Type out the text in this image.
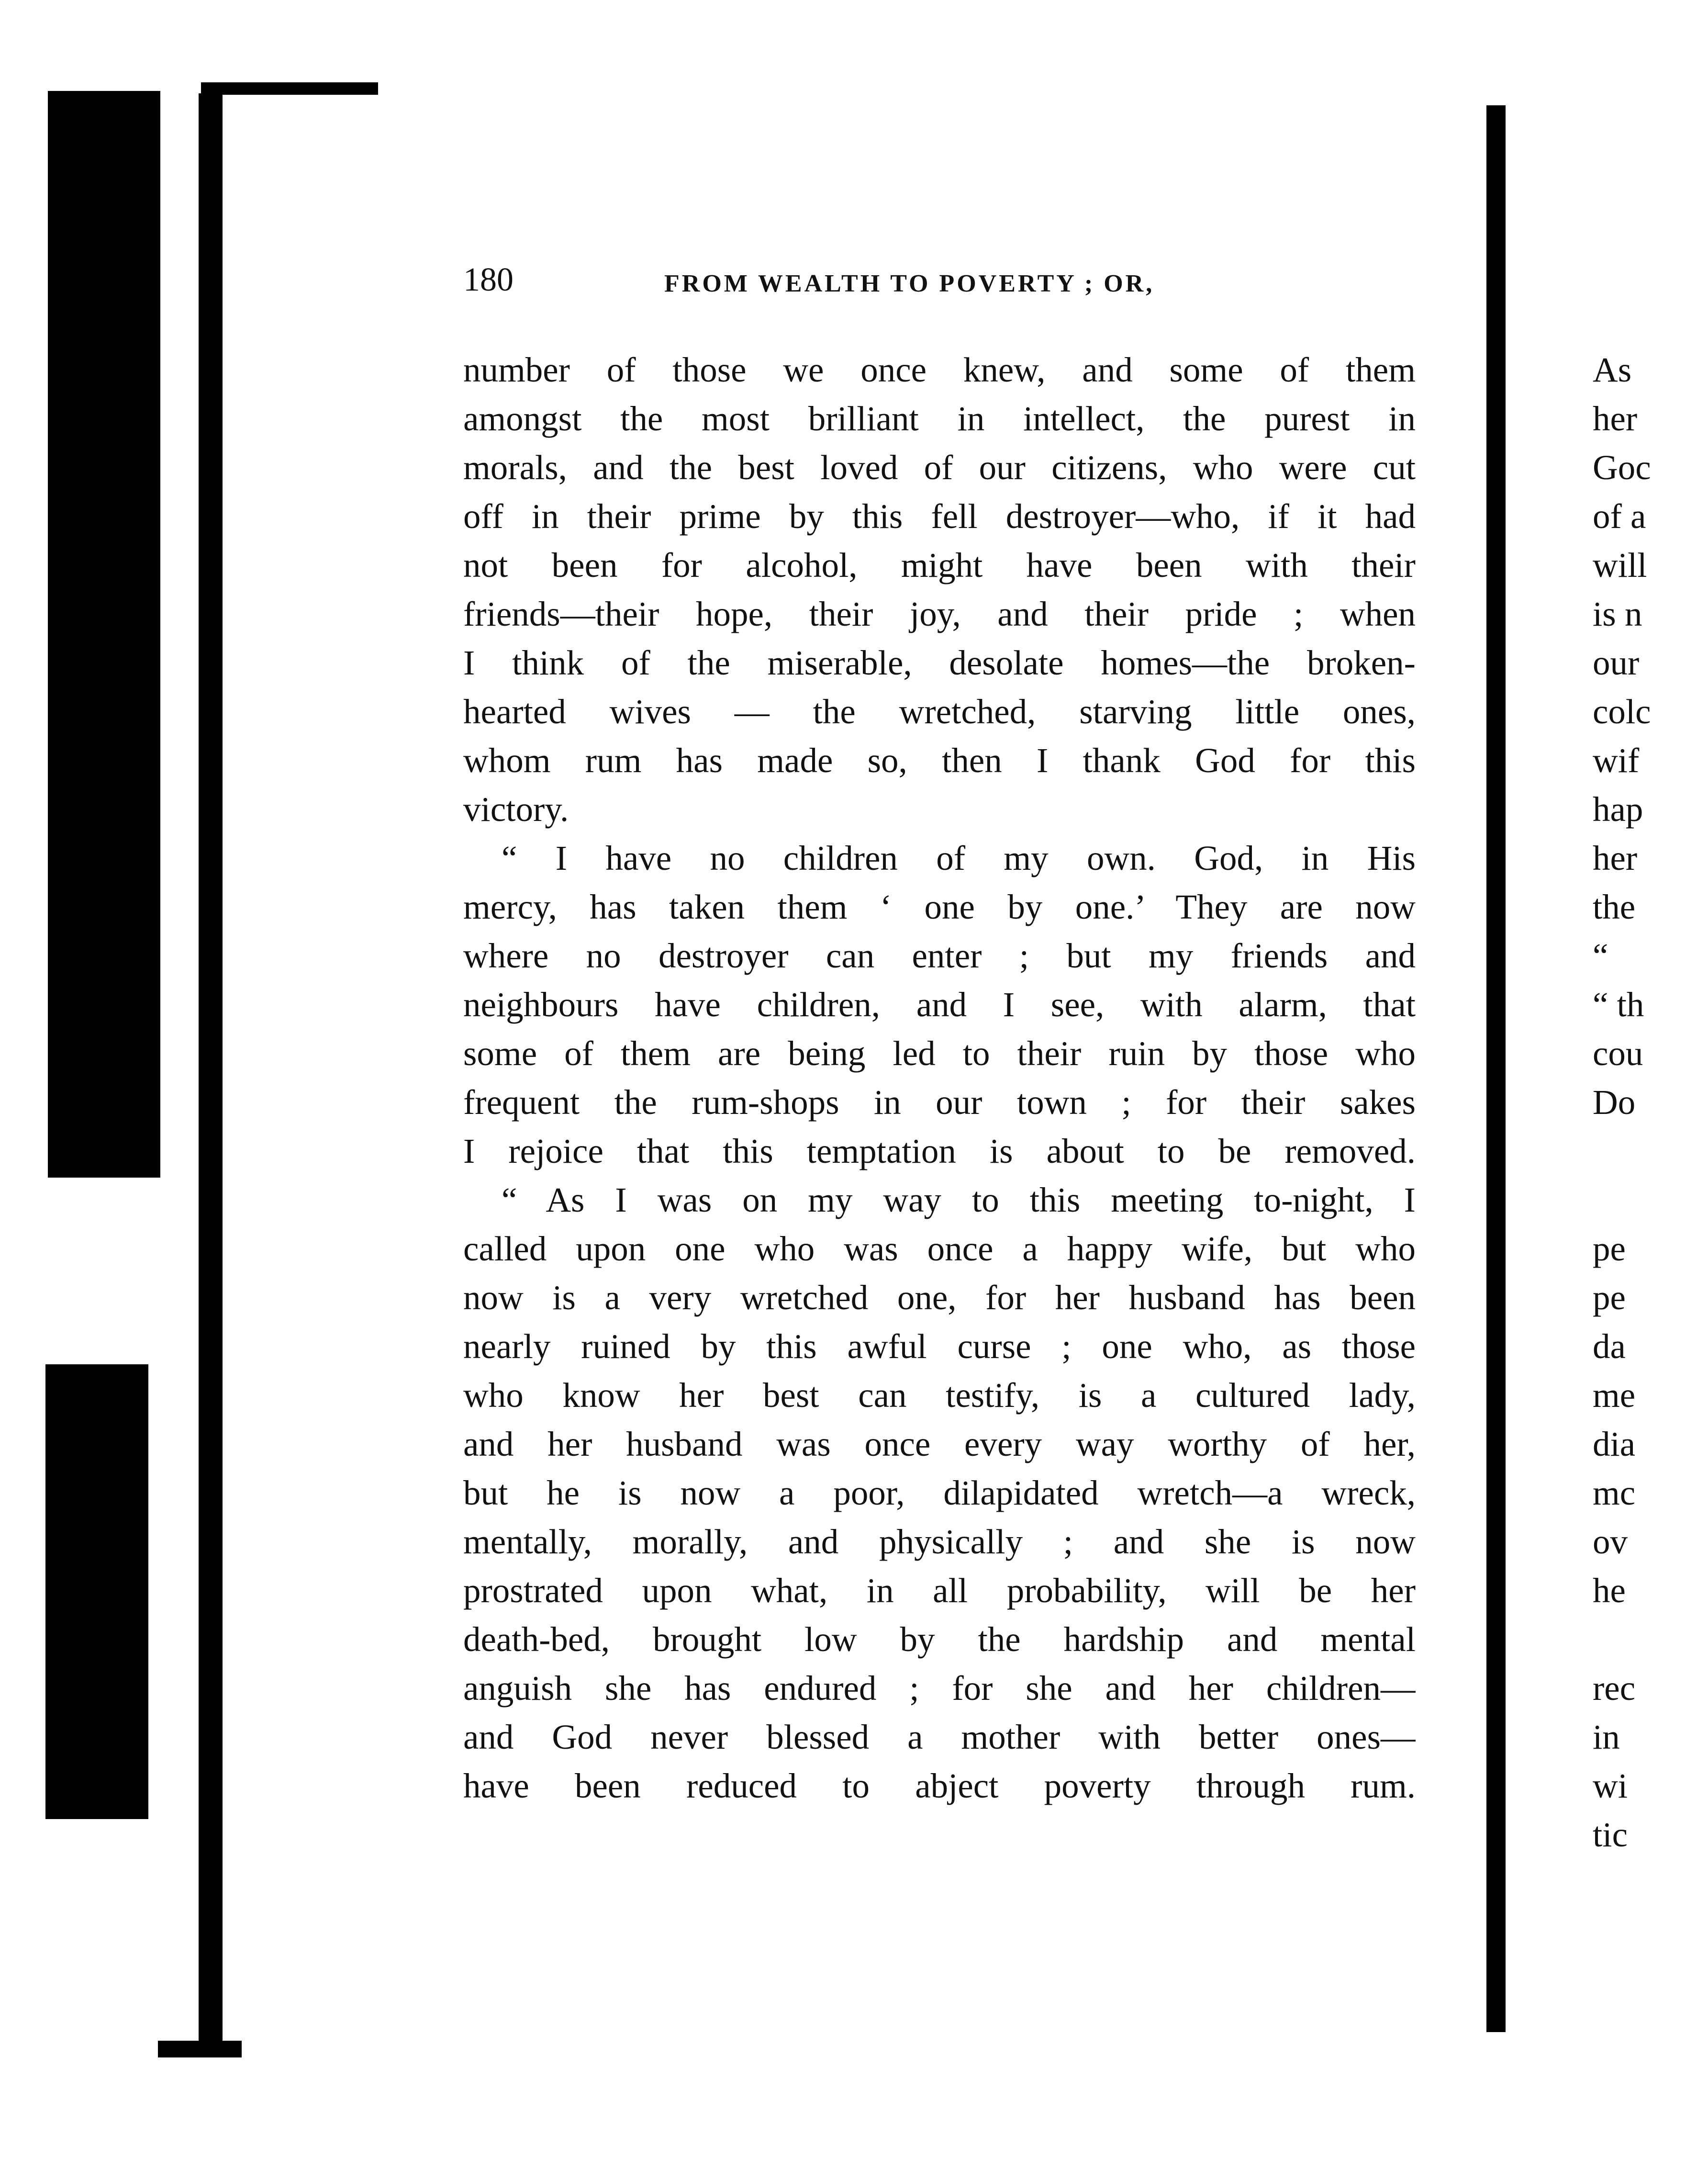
180	FROM WEALTH TO POVERTY ; OR,
number of those we once knew, and some of them
amongst the most brilliant in intellect, the purest in
morals, and the best loved of our citizens, who were cut
off in their prime by this fell destroyer—who, if it had
not been for alcohol, might have been with their
friends—their hope, their joy, and their pride ; when
I think of the miserable, desolate homes—the broken-
hearted wives — the wretched, starving little ones,
whom rum has made so, then I thank God for this
victory.
“ I have no children of my own. God, in His
mercy, has taken them ‘ one by one.’ They are now
where no destroyer can enter ; but my friends and
neighbours have children, and I see, with alarm, that
some of them are being led to their ruin by those who
frequent the rum-shops in our town ; for their sakes
I rejoice that this temptation is about to be removed.
“ As I was on my way to this meeting to-night, I
called upon one who was once a happy wife, but who
now is a very wretched one, for her husband has been
nearly ruined by this awful curse ; one who, as those
who know her best can testify, is a cultured lady,
and her husband was once every way worthy of her,
but he is now a poor, dilapidated wretch—a wreck,
mentally, morally, and physically ; and she is now
prostrated upon what, in all probability, will be her
death-bed, brought low by the hardship and mental
anguish she has endured ; for she and her children—
and God never blessed a mother with better ones—
have been reduced to abject poverty through rum.
As
her
Goc
of a
will
is n
our
colc
wif
hap
her
the
“
“ th
cou
Do
pe
pe
da
me
dia
mc
ov
he
rec
in
wi
tic
